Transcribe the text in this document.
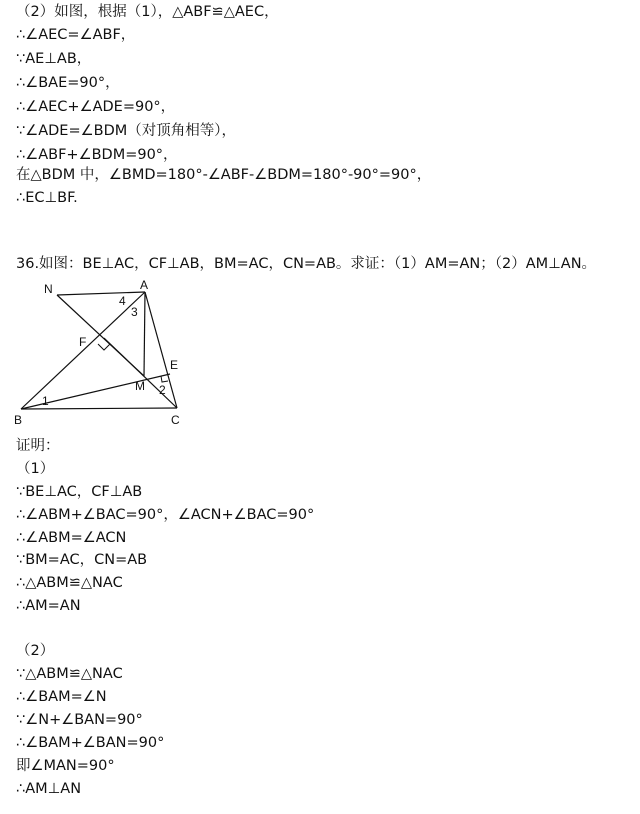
（2）如图，根据（1），△ABF≌△AEC，
∴∠AEC=∠ABF，
∵AE⊥AB，
∴∠BAE=90°，
∴∠AEC+∠ADE=90°，
∵∠ADE=∠BDM（对顶角相等），
∴∠ABF+∠BDM=90°，
在△BDM 中，∠BMD=180°-∠ABF-∠BDM=180°-90°=90°，
∴EC⊥BF.
36.如图：BE⊥AC，CF⊥AB，BM=AC，CN=AB。求证：（1）AM=AN；（2）AM⊥AN。
N	A
4
3
F
E
M 2
1
B	C
证明：
（1）
∵BE⊥AC，CF⊥AB
∴∠ABM+∠BAC=90°，∠ACN+∠BAC=90°
∴∠ABM=∠ACN
∵BM=AC，CN=AB
∴△ABM≌△NAC
∴AM=AN
（2）
∵△ABM≌△NAC
∴∠BAM=∠N
∵∠N+∠BAN=90°
∴∠BAM+∠BAN=90°
即∠MAN=90°
∴AM⊥AN
